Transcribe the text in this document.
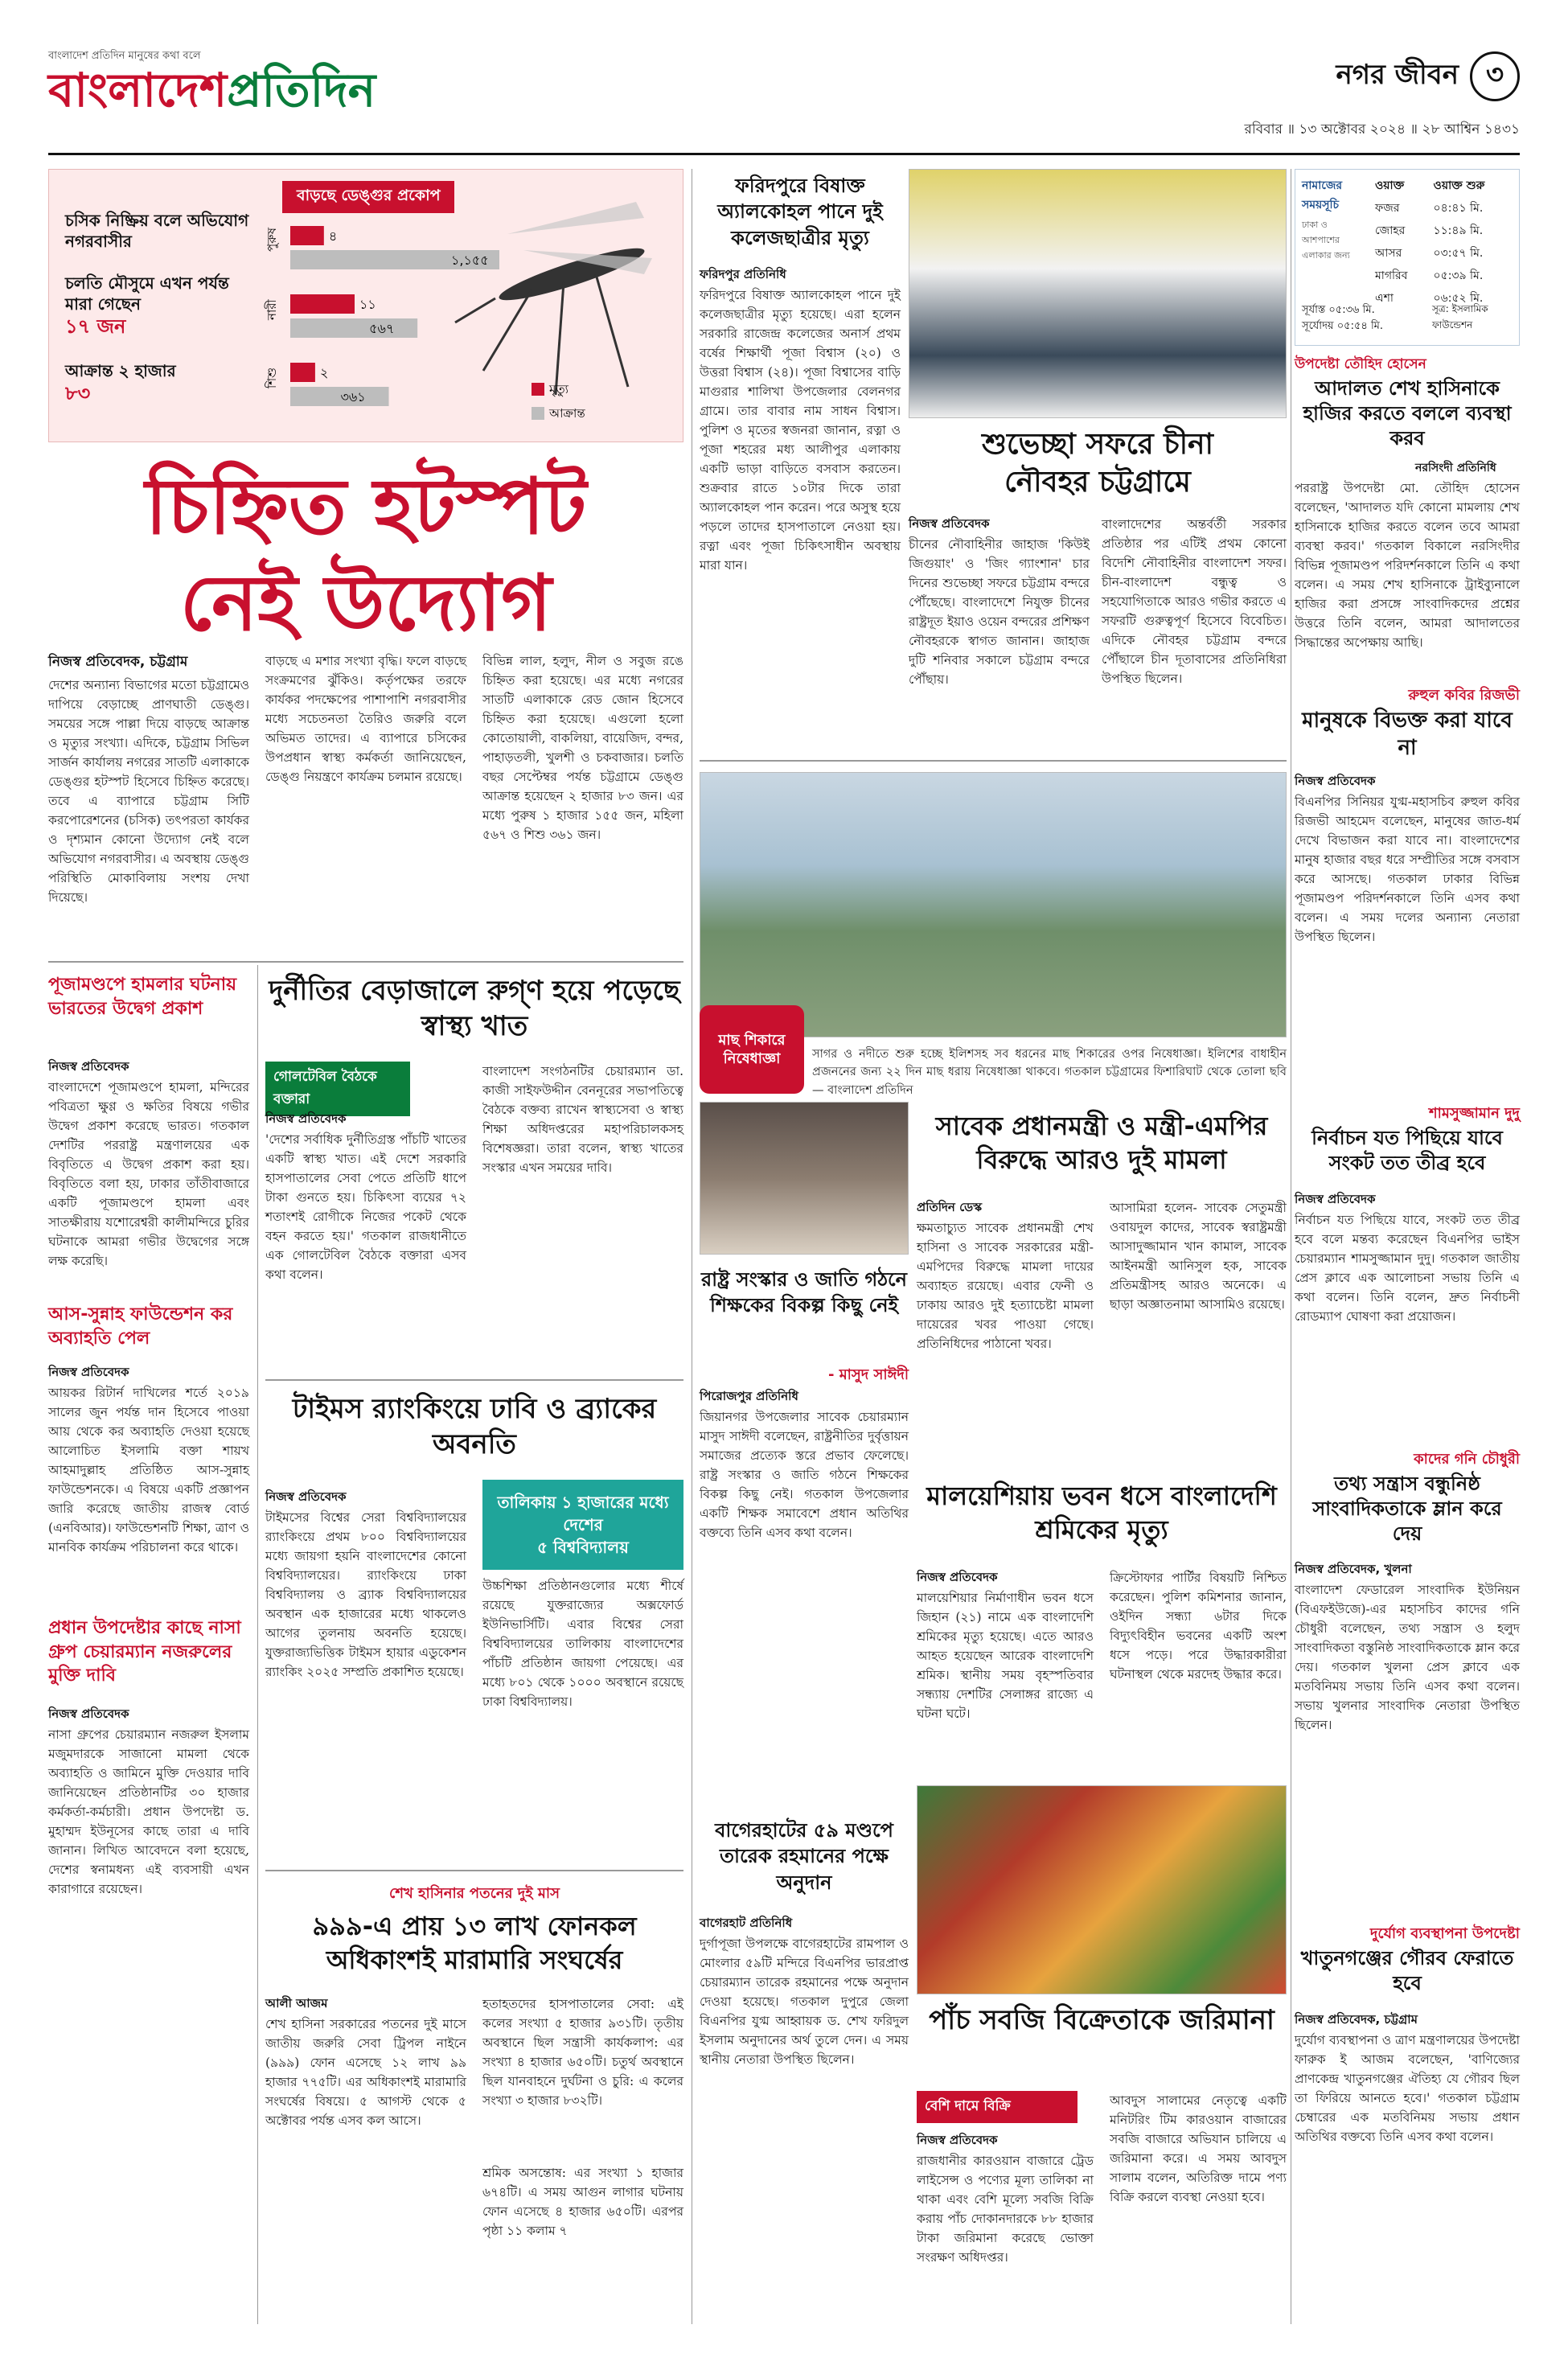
বাংলাদেশ প্রতিদিন মানুষের কথা বলে
বাংলাদেশপ্রতিদিন	নগর জীবন ৩
রবিবার ॥ ১৩ অক্টোবর ২০২৪ ॥ ২৮ আশ্বিন ১৪৩১

চসিক নিষ্ক্রিয় বলে অভিযোগ নগরবাসীর

চলতি মৌসুমে এখন পর্যন্ত মারা গেছেন
১৭ জন

আক্রান্ত ২ হাজার
৮৩

বাড়ছে ডেঙ্গুর প্রকোপ
পুরুষ	৪
১,১৫৫
নারী	১১
৫৬৭
শিশু	২
৩৬১	মৃত্যু
আক্রান্ত
চিহ্নিত হটস্পট
নেই উদ্যোগ
নিজস্ব প্রতিবেদক, চট্টগ্রাম
দেশের অন্যান্য বিভাগের মতো চট্টগ্রামেও দাপিয়ে বেড়াচ্ছে প্রাণঘাতী ডেঙ্গু। সময়ের সঙ্গে পাল্লা দিয়ে বাড়ছে আক্রান্ত ও মৃত্যুর সংখ্যা। এদিকে, চট্টগ্রাম সিভিল সার্জন কার্যালয় নগরের সাতটি এলাকাকে ডেঙ্গুর হটস্পট হিসেবে চিহ্নিত করেছে। তবে এ ব্যাপারে চট্টগ্রাম সিটি করপোরেশনের (চসিক) তৎপরতা কার্যকর ও দৃশ্যমান কোনো উদ্যোগ নেই বলে অভিযোগ নগরবাসীর। এ অবস্থায় ডেঙ্গু পরিস্থিতি মোকাবিলায় সংশয় দেখা দিয়েছে।
বাড়ছে এ মশার সংখ্যা বৃদ্ধি। ফলে বাড়ছে সংক্রমণের ঝুঁকিও। কর্তৃপক্ষের তরফে কার্যকর পদক্ষেপের পাশাপাশি নগরবাসীর মধ্যে সচেতনতা তৈরিও জরুরি বলে অভিমত তাদের। এ ব্যাপারে চসিকের উপপ্রধান স্বাস্থ্য কর্মকর্তা জানিয়েছেন, ডেঙ্গু নিয়ন্ত্রণে কার্যক্রম চলমান রয়েছে।
বিভিন্ন লাল, হলুদ, নীল ও সবুজ রঙে চিহ্নিত করা হয়েছে। এর মধ্যে নগরের সাতটি এলাকাকে রেড জোন হিসেবে চিহ্নিত করা হয়েছে। এগুলো হলো কোতোয়ালী, বাকলিয়া, বায়েজিদ, বন্দর, পাহাড়তলী, খুলশী ও চকবাজার। চলতি বছর সেপ্টেম্বর পর্যন্ত চট্টগ্রামে ডেঙ্গু আক্রান্ত হয়েছেন ২ হাজার ৮৩ জন। এর মধ্যে পুরুষ ১ হাজার ১৫৫ জন, মহিলা ৫৬৭ ও শিশু ৩৬১ জন।
ফরিদপুরে বিষাক্ত অ্যালকোহল পানে দুই কলেজছাত্রীর মৃত্যু
ফরিদপুর প্রতিনিধি
ফরিদপুরে বিষাক্ত অ্যালকোহল পানে দুই কলেজছাত্রীর মৃত্যু হয়েছে। এরা হলেন সরকারি রাজেন্দ্র কলেজের অনার্স প্রথম বর্ষের শিক্ষার্থী পূজা বিশ্বাস (২০) ও উত্তরা বিশ্বাস (২৪)। পূজা বিশ্বাসের বাড়ি মাগুরার শালিখা উপজেলার বেলনগর গ্রামে। তার বাবার নাম সাধন বিশ্বাস। পুলিশ ও মৃতের স্বজনরা জানান, রত্না ও পূজা শহরের মধ্য আলীপুর এলাকায় একটি ভাড়া বাড়িতে বসবাস করতেন। শুক্রবার রাতে ১০টার দিকে তারা অ্যালকোহল পান করেন। পরে অসুস্থ হয়ে পড়লে তাদের হাসপাতালে নেওয়া হয়। রত্না এবং পূজা চিকিৎসাধীন অবস্থায় মারা যান।
শুভেচ্ছা সফরে চীনা
নৌবহর চট্টগ্রামে
নিজস্ব প্রতিবেদক
চীনের নৌবাহিনীর জাহাজ 'কিউই জিগুয়াং' ও 'জিং গ্যাংশান' চার দিনের শুভেচ্ছা সফরে চট্টগ্রাম বন্দরে পৌঁছেছে। বাংলাদেশে নিযুক্ত চীনের রাষ্ট্রদূত ইয়াও ওয়েন বন্দরের প্রশিক্ষণ নৌবহরকে স্বাগত জানান। জাহাজ দুটি শনিবার সকালে চট্টগ্রাম বন্দরে পৌঁছায়।
বাংলাদেশের অন্তর্বর্তী সরকার প্রতিষ্ঠার পর এটিই প্রথম কোনো বিদেশি নৌবাহিনীর বাংলাদেশ সফর। চীন-বাংলাদেশ বন্ধুত্ব ও সহযোগিতাকে আরও গভীর করতে এ সফরটি গুরুত্বপূর্ণ হিসেবে বিবেচিত। এদিকে নৌবহর চট্টগ্রাম বন্দরে পৌঁছালে চীন দূতাবাসের প্রতিনিধিরা উপস্থিত ছিলেন।
নামাজের সময়সূচি
ঢাকা ও আশপাশের এলাকার জন্য
ওয়াক্ত	ওয়াক্ত শুরু
ফজর	০৪:৪১ মি.
জোহর	১১:৪৯ মি.
আসর	০৩:৫৭ মি.
মাগরিব	০৫:৩৯ মি.
এশা	০৬:৫২ মি.
সূর্যাস্ত ০৫:৩৬ মি.
সূর্যোদয় ০৫:৫৪ মি.
সূত্র: ইসলামিক ফাউন্ডেশন
উপদেষ্টা তৌহিদ হোসেন
আদালত শেখ হাসিনাকে হাজির করতে বললে ব্যবস্থা করব
নরসিংদী প্রতিনিধি
পররাষ্ট্র উপদেষ্টা মো. তৌহিদ হোসেন বলেছেন, 'আদালত যদি কোনো মামলায় শেখ হাসিনাকে হাজির করতে বলেন তবে আমরা ব্যবস্থা করব।' গতকাল বিকালে নরসিংদীর বিভিন্ন পূজামণ্ডপ পরিদর্শনকালে তিনি এ কথা বলেন। এ সময় শেখ হাসিনাকে ট্রাইব্যুনালে হাজির করা প্রসঙ্গে সাংবাদিকদের প্রশ্নের উত্তরে তিনি বলেন, আমরা আদালতের সিদ্ধান্তের অপেক্ষায় আছি।
রুহুল কবির রিজভী
মানুষকে বিভক্ত করা যাবে না
নিজস্ব প্রতিবেদক
বিএনপির সিনিয়র যুগ্ম-মহাসচিব রুহুল কবির রিজভী আহমেদ বলেছেন, মানুষের জাত-ধর্ম দেখে বিভাজন করা যাবে না। বাংলাদেশের মানুষ হাজার বছর ধরে সম্প্রীতির সঙ্গে বসবাস করে আসছে। গতকাল ঢাকার বিভিন্ন পূজামণ্ডপ পরিদর্শনকালে তিনি এসব কথা বলেন। এ সময় দলের অন্যান্য নেতারা উপস্থিত ছিলেন।
দুর্নীতির বেড়াজালে রুগ্ণ হয়ে পড়েছে স্বাস্থ্য খাত
গোলটেবিল বৈঠকে বক্তারা
নিজস্ব প্রতিবেদক
'দেশের সর্বাধিক দুর্নীতিগ্রস্ত পাঁচটি খাতের একটি স্বাস্থ্য খাত। এই দেশে সরকারি হাসপাতালের সেবা পেতে প্রতিটি ধাপে টাকা গুনতে হয়। চিকিৎসা ব্যয়ের ৭২ শতাংশই রোগীকে নিজের পকেট থেকে বহন করতে হয়।' গতকাল রাজধানীতে এক গোলটেবিল বৈঠকে বক্তারা এসব কথা বলেন।
বাংলাদেশ সংগঠনটির চেয়ারম্যান ডা. কাজী সাইফউদ্দীন বেননূরের সভাপতিত্বে বৈঠকে বক্তব্য রাখেন স্বাস্থ্যসেবা ও স্বাস্থ্য শিক্ষা অধিদপ্তরের মহাপরিচালকসহ বিশেষজ্ঞরা। তারা বলেন, স্বাস্থ্য খাতের সংস্কার এখন সময়ের দাবি।
পূজামণ্ডপে হামলার ঘটনায় ভারতের উদ্বেগ প্রকাশ
নিজস্ব প্রতিবেদক
বাংলাদেশে পূজামণ্ডপে হামলা, মন্দিরের পবিত্রতা ক্ষুণ্ণ ও ক্ষতির বিষয়ে গভীর উদ্বেগ প্রকাশ করেছে ভারত। গতকাল দেশটির পররাষ্ট্র মন্ত্রণালয়ের এক বিবৃতিতে এ উদ্বেগ প্রকাশ করা হয়। বিবৃতিতে বলা হয়, ঢাকার তাঁতীবাজারে একটি পূজামণ্ডপে হামলা এবং সাতক্ষীরায় যশোরেশ্বরী কালীমন্দিরে চুরির ঘটনাকে আমরা গভীর উদ্বেগের সঙ্গে লক্ষ করেছি।
আস-সুন্নাহ ফাউন্ডেশন কর অব্যাহতি পেল
নিজস্ব প্রতিবেদক
আয়কর রিটার্ন দাখিলের শর্তে ২০১৯ সালের জুন পর্যন্ত দান হিসেবে পাওয়া আয় থেকে কর অব্যাহতি দেওয়া হয়েছে আলোচিত ইসলামি বক্তা শায়খ আহমাদুল্লাহ প্রতিষ্ঠিত আস-সুন্নাহ ফাউন্ডেশনকে। এ বিষয়ে একটি প্রজ্ঞাপন জারি করেছে জাতীয় রাজস্ব বোর্ড (এনবিআর)। ফাউন্ডেশনটি শিক্ষা, ত্রাণ ও মানবিক কার্যক্রম পরিচালনা করে থাকে।
প্রধান উপদেষ্টার কাছে নাসা গ্রুপ চেয়ারম্যান নজরুলের মুক্তি দাবি
নিজস্ব প্রতিবেদক
নাসা গ্রুপের চেয়ারম্যান নজরুল ইসলাম মজুমদারকে সাজানো মামলা থেকে অব্যাহতি ও জামিনে মুক্তি দেওয়ার দাবি জানিয়েছেন প্রতিষ্ঠানটির ৩০ হাজার কর্মকর্তা-কর্মচারী। প্রধান উপদেষ্টা ড. মুহাম্মদ ইউনূসের কাছে তারা এ দাবি জানান। লিখিত আবেদনে বলা হয়েছে, দেশের স্বনামধন্য এই ব্যবসায়ী এখন কারাগারে রয়েছেন।
টাইমস র‍্যাংকিংয়ে ঢাবি ও ব্র্যাকের অবনতি
নিজস্ব প্রতিবেদক
টাইমসের বিশ্বের সেরা বিশ্ববিদ্যালয়ের র‍্যাংকিংয়ে প্রথম ৮০০ বিশ্ববিদ্যালয়ের মধ্যে জায়গা হয়নি বাংলাদেশের কোনো বিশ্ববিদ্যালয়ের। র‍্যাংকিংয়ে ঢাকা বিশ্ববিদ্যালয় ও ব্র্যাক বিশ্ববিদ্যালয়ের অবস্থান এক হাজারের মধ্যে থাকলেও আগের তুলনায় অবনতি হয়েছে। যুক্তরাজ্যভিত্তিক টাইমস হায়ার এডুকেশন র‍্যাংকিং ২০২৫ সম্প্রতি প্রকাশিত হয়েছে।
তালিকায় ১ হাজারের মধ্যে দেশের
৫ বিশ্ববিদ্যালয়
উচ্চশিক্ষা প্রতিষ্ঠানগুলোর মধ্যে শীর্ষে রয়েছে যুক্তরাজ্যের অক্সফোর্ড ইউনিভার্সিটি। এবার বিশ্বের সেরা বিশ্ববিদ্যালয়ের তালিকায় বাংলাদেশের পাঁচটি প্রতিষ্ঠান জায়গা পেয়েছে। এর মধ্যে ৮০১ থেকে ১০০০ অবস্থানে রয়েছে ঢাকা বিশ্ববিদ্যালয়।
শেখ হাসিনার পতনের দুই মাস
৯৯৯-এ প্রায় ১৩ লাখ ফোনকল অধিকাংশই মারামারি সংঘর্ষের
আলী আজম
শেখ হাসিনা সরকারের পতনের দুই মাসে জাতীয় জরুরি সেবা ট্রিপল নাইনে (৯৯৯) ফোন এসেছে ১২ লাখ ৯৯ হাজার ৭৭৫টি। এর অধিকাংশই মারামারি সংঘর্ষের বিষয়ে। ৫ আগস্ট থেকে ৫ অক্টোবর পর্যন্ত এসব কল আসে।
হতাহতদের হাসপাতালের সেবা: এই কলের সংখ্যা ৫ হাজার ৯৩১টি। তৃতীয় অবস্থানে ছিল সন্ত্রাসী কার্যকলাপ: এর সংখ্যা ৪ হাজার ৬৫০টি। চতুর্থ অবস্থানে ছিল যানবাহনে দুর্ঘটনা ও চুরি: এ কলের সংখ্যা ৩ হাজার ৮৩২টি।
শ্রমিক অসন্তোষ: এর সংখ্যা ১ হাজার ৬৭৪টি। এ সময় আগুন লাগার ঘটনায় ফোন এসেছে ৪ হাজার ৬৫০টি। এরপর পৃষ্ঠা ১১ কলাম ৭
মাছ শিকারে
নিষেধাজ্ঞা	সাগর ও নদীতে শুরু হচ্ছে ইলিশসহ সব ধরনের মাছ শিকারের ওপর নিষেধাজ্ঞা। ইলিশের বাধাহীন প্রজননের জন্য ২২ দিন মাছ ধরায় নিষেধাজ্ঞা থাকবে। গতকাল চট্টগ্রামের ফিশারিঘাট থেকে তোলা ছবি — বাংলাদেশ প্রতিদিন
রাষ্ট্র সংস্কার ও জাতি গঠনে শিক্ষকের বিকল্প কিছু নেই
- মাসুদ সাঈদী
পিরোজপুর প্রতিনিধি
জিয়ানগর উপজেলার সাবেক চেয়ারম্যান মাসুদ সাঈদী বলেছেন, রাষ্ট্রনীতির দুর্বৃত্তায়ন সমাজের প্রত্যেক স্তরে প্রভাব ফেলেছে। রাষ্ট্র সংস্কার ও জাতি গঠনে শিক্ষকের বিকল্প কিছু নেই। গতকাল উপজেলার একটি শিক্ষক সমাবেশে প্রধান অতিথির বক্তব্যে তিনি এসব কথা বলেন।
সাবেক প্রধানমন্ত্রী ও মন্ত্রী-এমপির বিরুদ্ধে আরও দুই মামলা
প্রতিদিন ডেস্ক
ক্ষমতাচ্যুত সাবেক প্রধানমন্ত্রী শেখ হাসিনা ও সাবেক সরকারের মন্ত্রী-এমপিদের বিরুদ্ধে মামলা দায়ের অব্যাহত রয়েছে। এবার ফেনী ও ঢাকায় আরও দুই হত্যাচেষ্টা মামলা দায়েরের খবর পাওয়া গেছে। প্রতিনিধিদের পাঠানো খবর।
আসামিরা হলেন- সাবেক সেতুমন্ত্রী ওবায়দুল কাদের, সাবেক স্বরাষ্ট্রমন্ত্রী আসাদুজ্জামান খান কামাল, সাবেক আইনমন্ত্রী আনিসুল হক, সাবেক প্রতিমন্ত্রীসহ আরও অনেকে। এ ছাড়া অজ্ঞাতনামা আসামিও রয়েছে।
মালয়েশিয়ায় ভবন ধসে বাংলাদেশি শ্রমিকের মৃত্যু
নিজস্ব প্রতিবেদক
মালয়েশিয়ার নির্মাণাধীন ভবন ধসে জিহান (২১) নামে এক বাংলাদেশি শ্রমিকের মৃত্যু হয়েছে। এতে আরও আহত হয়েছেন আরেক বাংলাদেশি শ্রমিক। স্থানীয় সময় বৃহস্পতিবার সন্ধ্যায় দেশটির সেলাঙ্গর রাজ্যে এ ঘটনা ঘটে।
ক্রিস্টোফার পার্টির বিষয়টি নিশ্চিত করেছেন। পুলিশ কমিশনার জানান, ওইদিন সন্ধ্যা ৬টার দিকে বিদ্যুৎবিহীন ভবনের একটি অংশ ধসে পড়ে। পরে উদ্ধারকারীরা ঘটনাস্থল থেকে মরদেহ উদ্ধার করে।
শামসুজ্জামান দুদু
নির্বাচন যত পিছিয়ে যাবে সংকট তত তীব্র হবে
নিজস্ব প্রতিবেদক
নির্বাচন যত পিছিয়ে যাবে, সংকট তত তীব্র হবে বলে মন্তব্য করেছেন বিএনপির ভাইস চেয়ারম্যান শামসুজ্জামান দুদু। গতকাল জাতীয় প্রেস ক্লাবে এক আলোচনা সভায় তিনি এ কথা বলেন। তিনি বলেন, দ্রুত নির্বাচনী রোডম্যাপ ঘোষণা করা প্রয়োজন।
কাদের গনি চৌধুরী
তথ্য সন্ত্রাস বন্ধুনিষ্ঠ সাংবাদিকতাকে ম্লান করে দেয়
নিজস্ব প্রতিবেদক, খুলনা
বাংলাদেশ ফেডারেল সাংবাদিক ইউনিয়ন (বিএফইউজে)-এর মহাসচিব কাদের গনি চৌধুরী বলেছেন, তথ্য সন্ত্রাস ও হলুদ সাংবাদিকতা বস্তুনিষ্ঠ সাংবাদিকতাকে ম্লান করে দেয়। গতকাল খুলনা প্রেস ক্লাবে এক মতবিনিময় সভায় তিনি এসব কথা বলেন। সভায় খুলনার সাংবাদিক নেতারা উপস্থিত ছিলেন।
বাগেরহাটের ৫৯ মণ্ডপে তারেক রহমানের পক্ষে অনুদান
বাগেরহাট প্রতিনিধি
দুর্গাপূজা উপলক্ষে বাগেরহাটের রামপাল ও মোংলার ৫৯টি মন্দিরে বিএনপির ভারপ্রাপ্ত চেয়ারম্যান তারেক রহমানের পক্ষে অনুদান দেওয়া হয়েছে। গতকাল দুপুরে জেলা বিএনপির যুগ্ম আহ্বায়ক ড. শেখ ফরিদুল ইসলাম অনুদানের অর্থ তুলে দেন। এ সময় স্থানীয় নেতারা উপস্থিত ছিলেন।
পাঁচ সবজি বিক্রেতাকে জরিমানা
বেশি দামে বিক্রি
নিজস্ব প্রতিবেদক
রাজধানীর কারওয়ান বাজারে ট্রেড লাইসেন্স ও পণ্যের মূল্য তালিকা না থাকা এবং বেশি মূল্যে সবজি বিক্রি করায় পাঁচ দোকানদারকে ৮৮ হাজার টাকা জরিমানা করেছে ভোক্তা সংরক্ষণ অধিদপ্তর।
আবদুস সালামের নেতৃত্বে একটি মনিটরিং টিম কারওয়ান বাজারের সবজি বাজারে অভিযান চালিয়ে এ জরিমানা করে। এ সময় আবদুস সালাম বলেন, অতিরিক্ত দামে পণ্য বিক্রি করলে ব্যবস্থা নেওয়া হবে।
দুর্যোগ ব্যবস্থাপনা উপদেষ্টা
খাতুনগঞ্জের গৌরব ফেরাতে হবে
নিজস্ব প্রতিবেদক, চট্টগ্রাম
দুর্যোগ ব্যবস্থাপনা ও ত্রাণ মন্ত্রণালয়ের উপদেষ্টা ফারুক ই আজম বলেছেন, 'বাণিজ্যের প্রাণকেন্দ্র খাতুনগঞ্জের ঐতিহ্য যে গৌরব ছিল তা ফিরিয়ে আনতে হবে।' গতকাল চট্টগ্রাম চেম্বারের এক মতবিনিময় সভায় প্রধান অতিথির বক্তব্যে তিনি এসব কথা বলেন।
